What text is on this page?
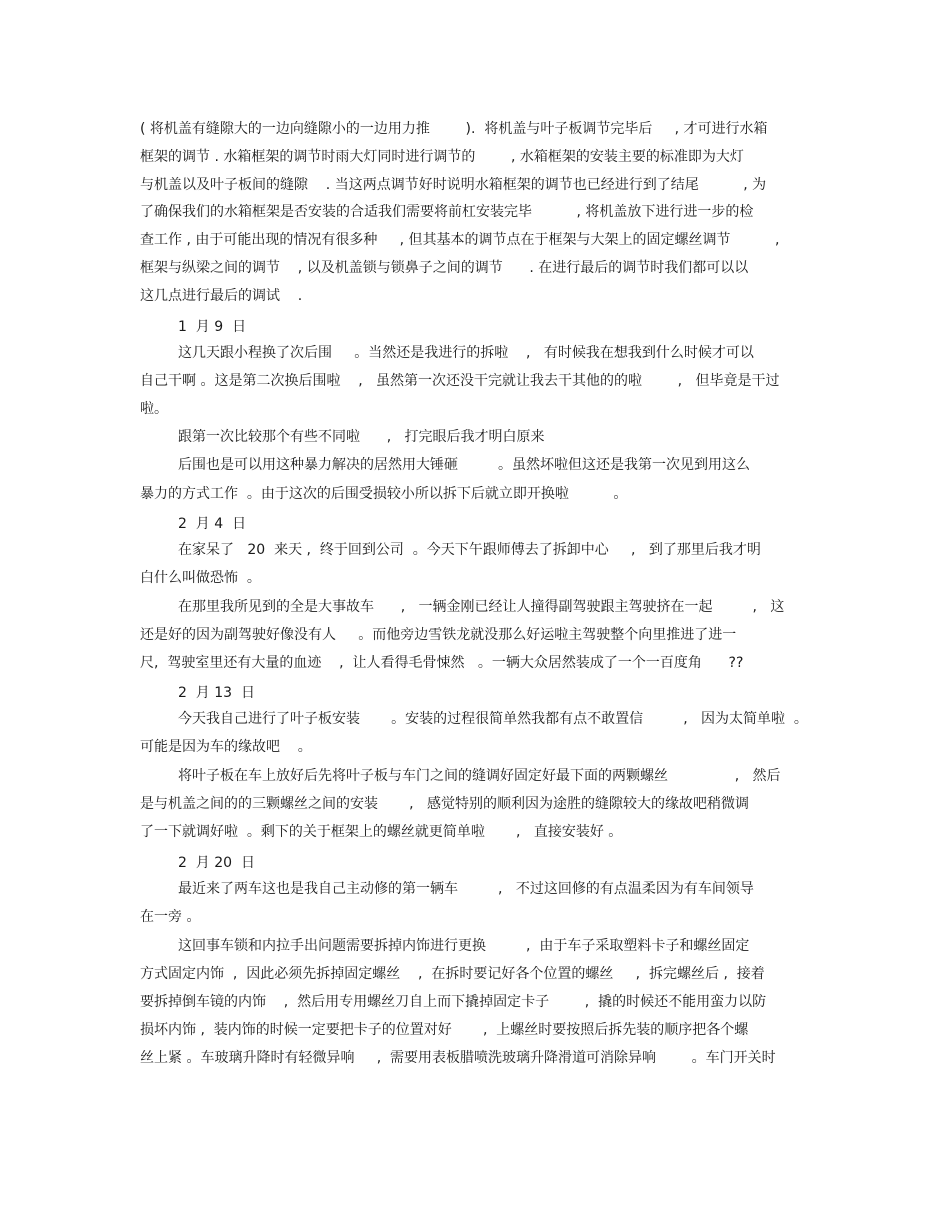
( 将机盖有缝隙大的一边向缝隙小的一边用力推        ).  将机盖与叶子板调节完毕后     , 才可进行水箱
框架的调节 . 水箱框架的调节时雨大灯同时进行调节的        , 水箱框架的安装主要的标准即为大灯
与机盖以及叶子板间的缝隙    . 当这两点调节好时说明水箱框架的调节也已经进行到了结尾          , 为
了确保我们的水箱框架是否安装的合适我们需要将前杠安装完毕          , 将机盖放下进行进一步的检
查工作 , 由于可能出现的情况有很多种     , 但其基本的调节点在于框架与大架上的固定螺丝调节          ,
框架与纵梁之间的调节    , 以及机盖锁与锁鼻子之间的调节      . 在进行最后的调节时我们都可以以
这几点进行最后的调试    .
1  月 9  日
这几天跟小程换了次后围     。当然还是我进行的拆啦    ,   有时候我在想我到什么时候才可以
自己干啊 。这是第二次换后围啦    ,   虽然第一次还没干完就让我去干其他的的啦        ,   但毕竟是干过
啦。
跟第一次比较那个有些不同啦      ,   打完眼后我才明白原来
后围也是可以用这种暴力解决的居然用大锤砸         。虽然坏啦但这还是我第一次见到用这么
暴力的方式工作  。由于这次的后围受损较小所以拆下后就立即开换啦          。
2  月 4  日
在家呆了   20  来天 ,  终于回到公司  。今天下午跟师傅去了拆卸中心     ,   到了那里后我才明
白什么叫做恐怖  。
在那里我所见到的全是大事故车      ,   一辆金刚已经让人撞得副驾驶跟主驾驶挤在一起         ,   这
还是好的因为副驾驶好像没有人     。而他旁边雪铁龙就没那么好运啦主驾驶整个向里推进了进一
尺,  驾驶室里还有大量的血迹    ,  让人看得毛骨悚然   。一辆大众居然装成了一个一百度角      ??
2  月 13  日
今天我自己进行了叶子板安装       。安装的过程很简单然我都有点不敢置信         ,   因为太简单啦  。
可能是因为车的缘故吧    。
将叶子板在车上放好后先将叶子板与车门之间的缝调好固定好最下面的两颗螺丝               ,   然后
是与机盖之间的的三颗螺丝之间的安装       ,   感觉特别的顺利因为途胜的缝隙较大的缘故吧稍微调
了一下就调好啦  。剩下的关于框架上的螺丝就更简单啦       ,   直接安装好 。
2  月 20  日
最近来了两车这也是我自己主动修的第一辆车         ,   不过这回修的有点温柔因为有车间领导
在一旁 。
这回事车锁和内拉手出问题需要拆掉内饰进行更换         ,  由于车子采取塑料卡子和螺丝固定
方式固定内饰  ,  因此必须先拆掉固定螺丝    ,  在拆时要记好各个位置的螺丝     ,  拆完螺丝后 ,  接着
要拆掉倒车镜的内饰    ,  然后用专用螺丝刀自上而下撬掉固定卡子        ,  撬的时候还不能用蛮力以防
损坏内饰 ,  装内饰的时候一定要把卡子的位置对好       ,  上螺丝时要按照后拆先装的顺序把各个螺
丝上紧 。车玻璃升降时有轻微异响     ,  需要用表板腊喷洗玻璃升降滑道可消除异响        。车门开关时
